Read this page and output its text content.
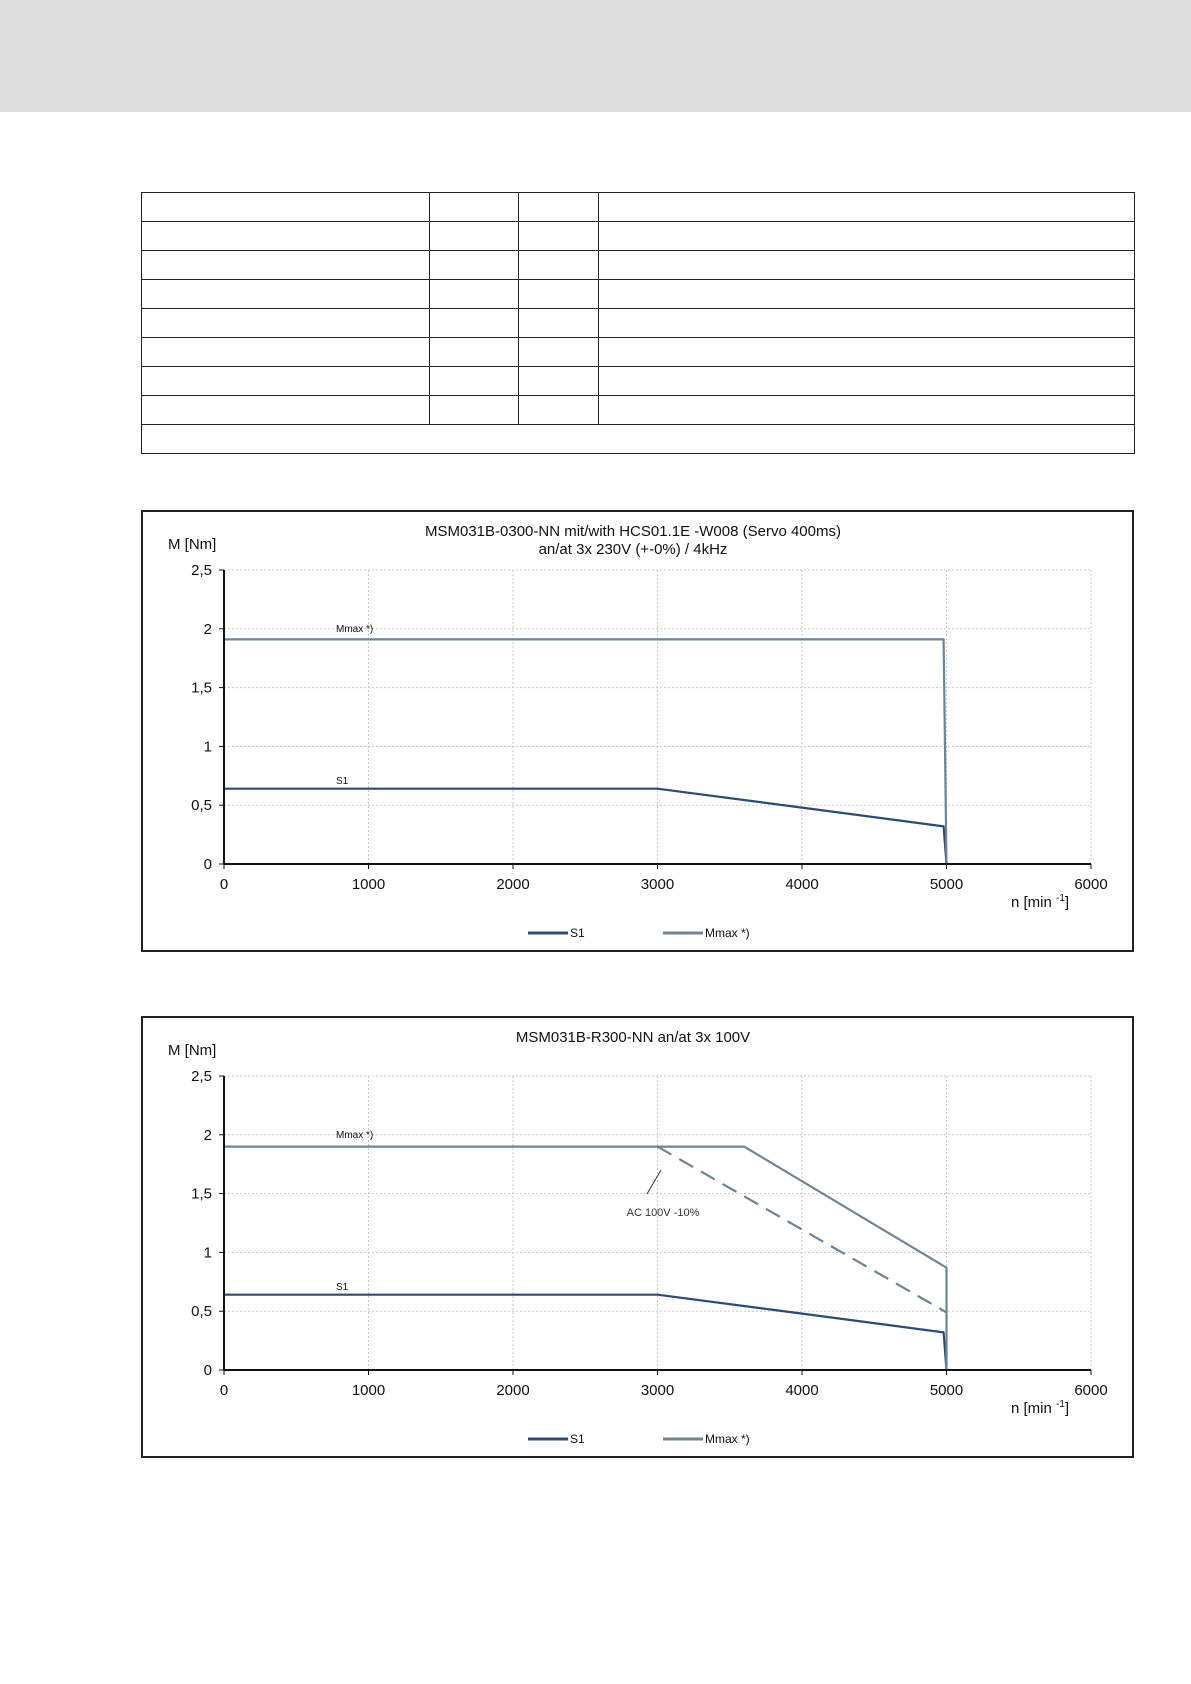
MSM031B-0300-NN mit/with HCS01.1E -W008 (Servo 400ms)
an/at 3x 230V (+-0%) / 4kHz
M [Nm]
n [min $^{-1}$]
0	1000	2000	3000	4000	5000	6000
0
0,5
1
1,5
2
2,5
Mmax *)
S1
S1	Mmax *)
MSM031B-R300-NN an/at 3x 100V
M [Nm]
n [min $^{-1}$]
0	1000	2000	3000	4000	5000	6000
0
0,5
1
1,5
2
2,5
Mmax *)
S1
AC 100V -10%
S1	Mmax *)
